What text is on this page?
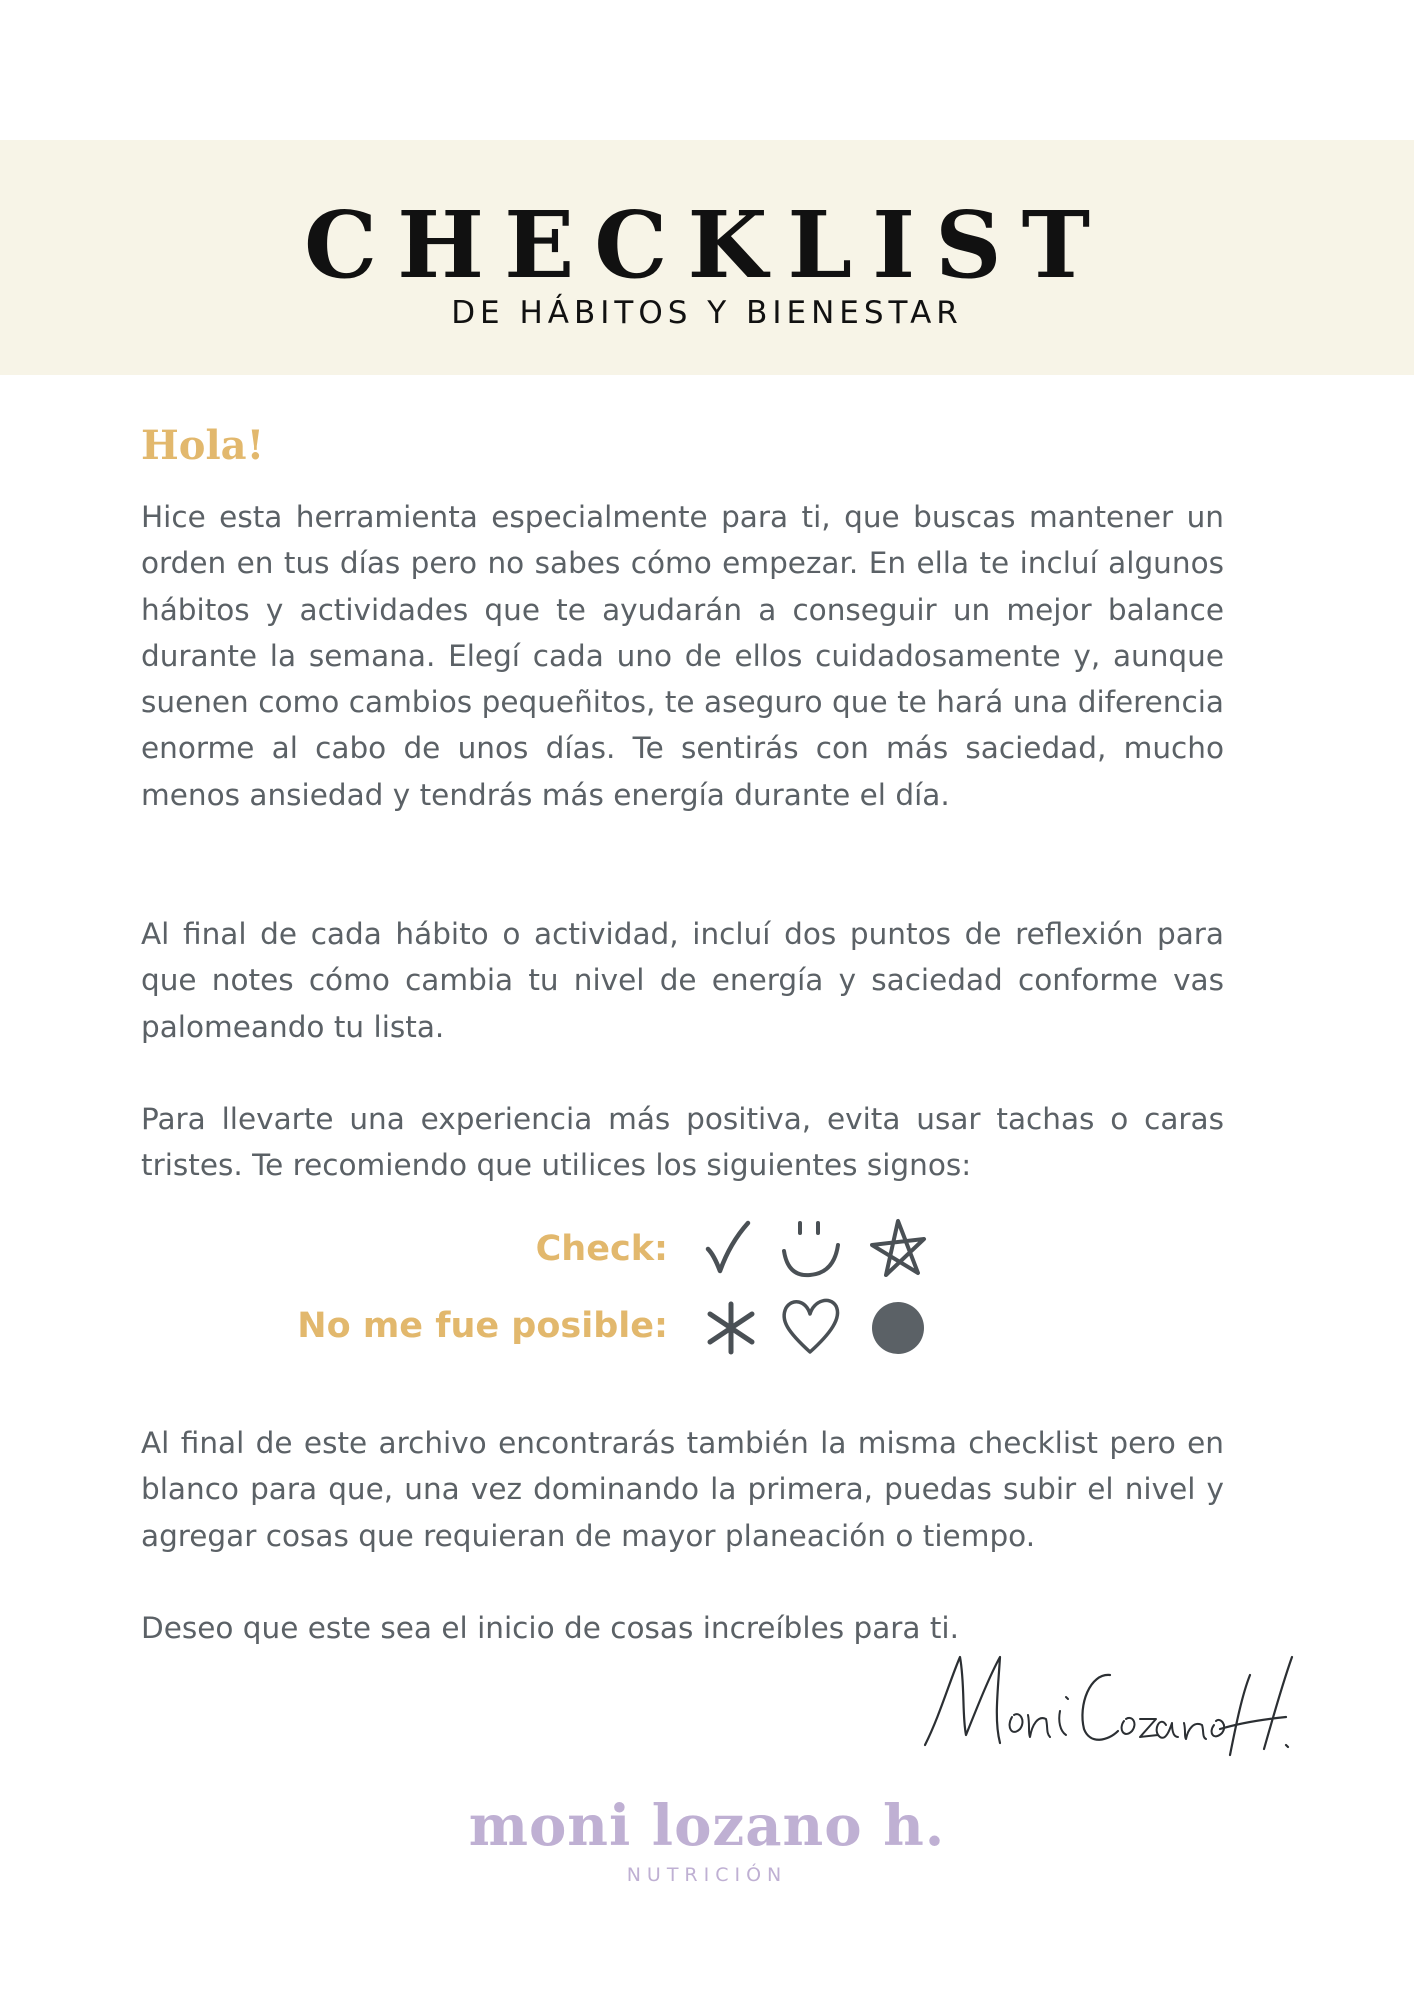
CHECKLIST
DE HÁBITOS Y BIENESTAR
Hola!
Hice esta herramienta especialmente para ti, que buscas mantener un orden en tus días pero no sabes cómo empezar. En ella te incluí algunos hábitos y actividades que te ayudarán a conseguir un mejor balance durante la semana. Elegí cada uno de ellos cuidadosamente y, aunque suenen como cambios pequeñitos, te aseguro que te hará una diferencia enorme al cabo de unos días. Te sentirás con más saciedad, mucho menos ansiedad y tendrás más energía durante el día.
Al final de cada hábito o actividad, incluí dos puntos de reflexión para que notes cómo cambia tu nivel de energía y saciedad conforme vas palomeando tu lista.
Para llevarte una experiencia más positiva, evita usar tachas o caras tristes. Te recomiendo que utilices los siguientes signos:
Check:
No me fue posible:
Al final de este archivo encontrarás también la misma checklist pero en blanco para que, una vez dominando la primera, puedas subir el nivel y agregar cosas que requieran de mayor planeación o tiempo.
Deseo que este sea el inicio de cosas increíbles para ti.
moni lozano h.
NUTRICIÓN
